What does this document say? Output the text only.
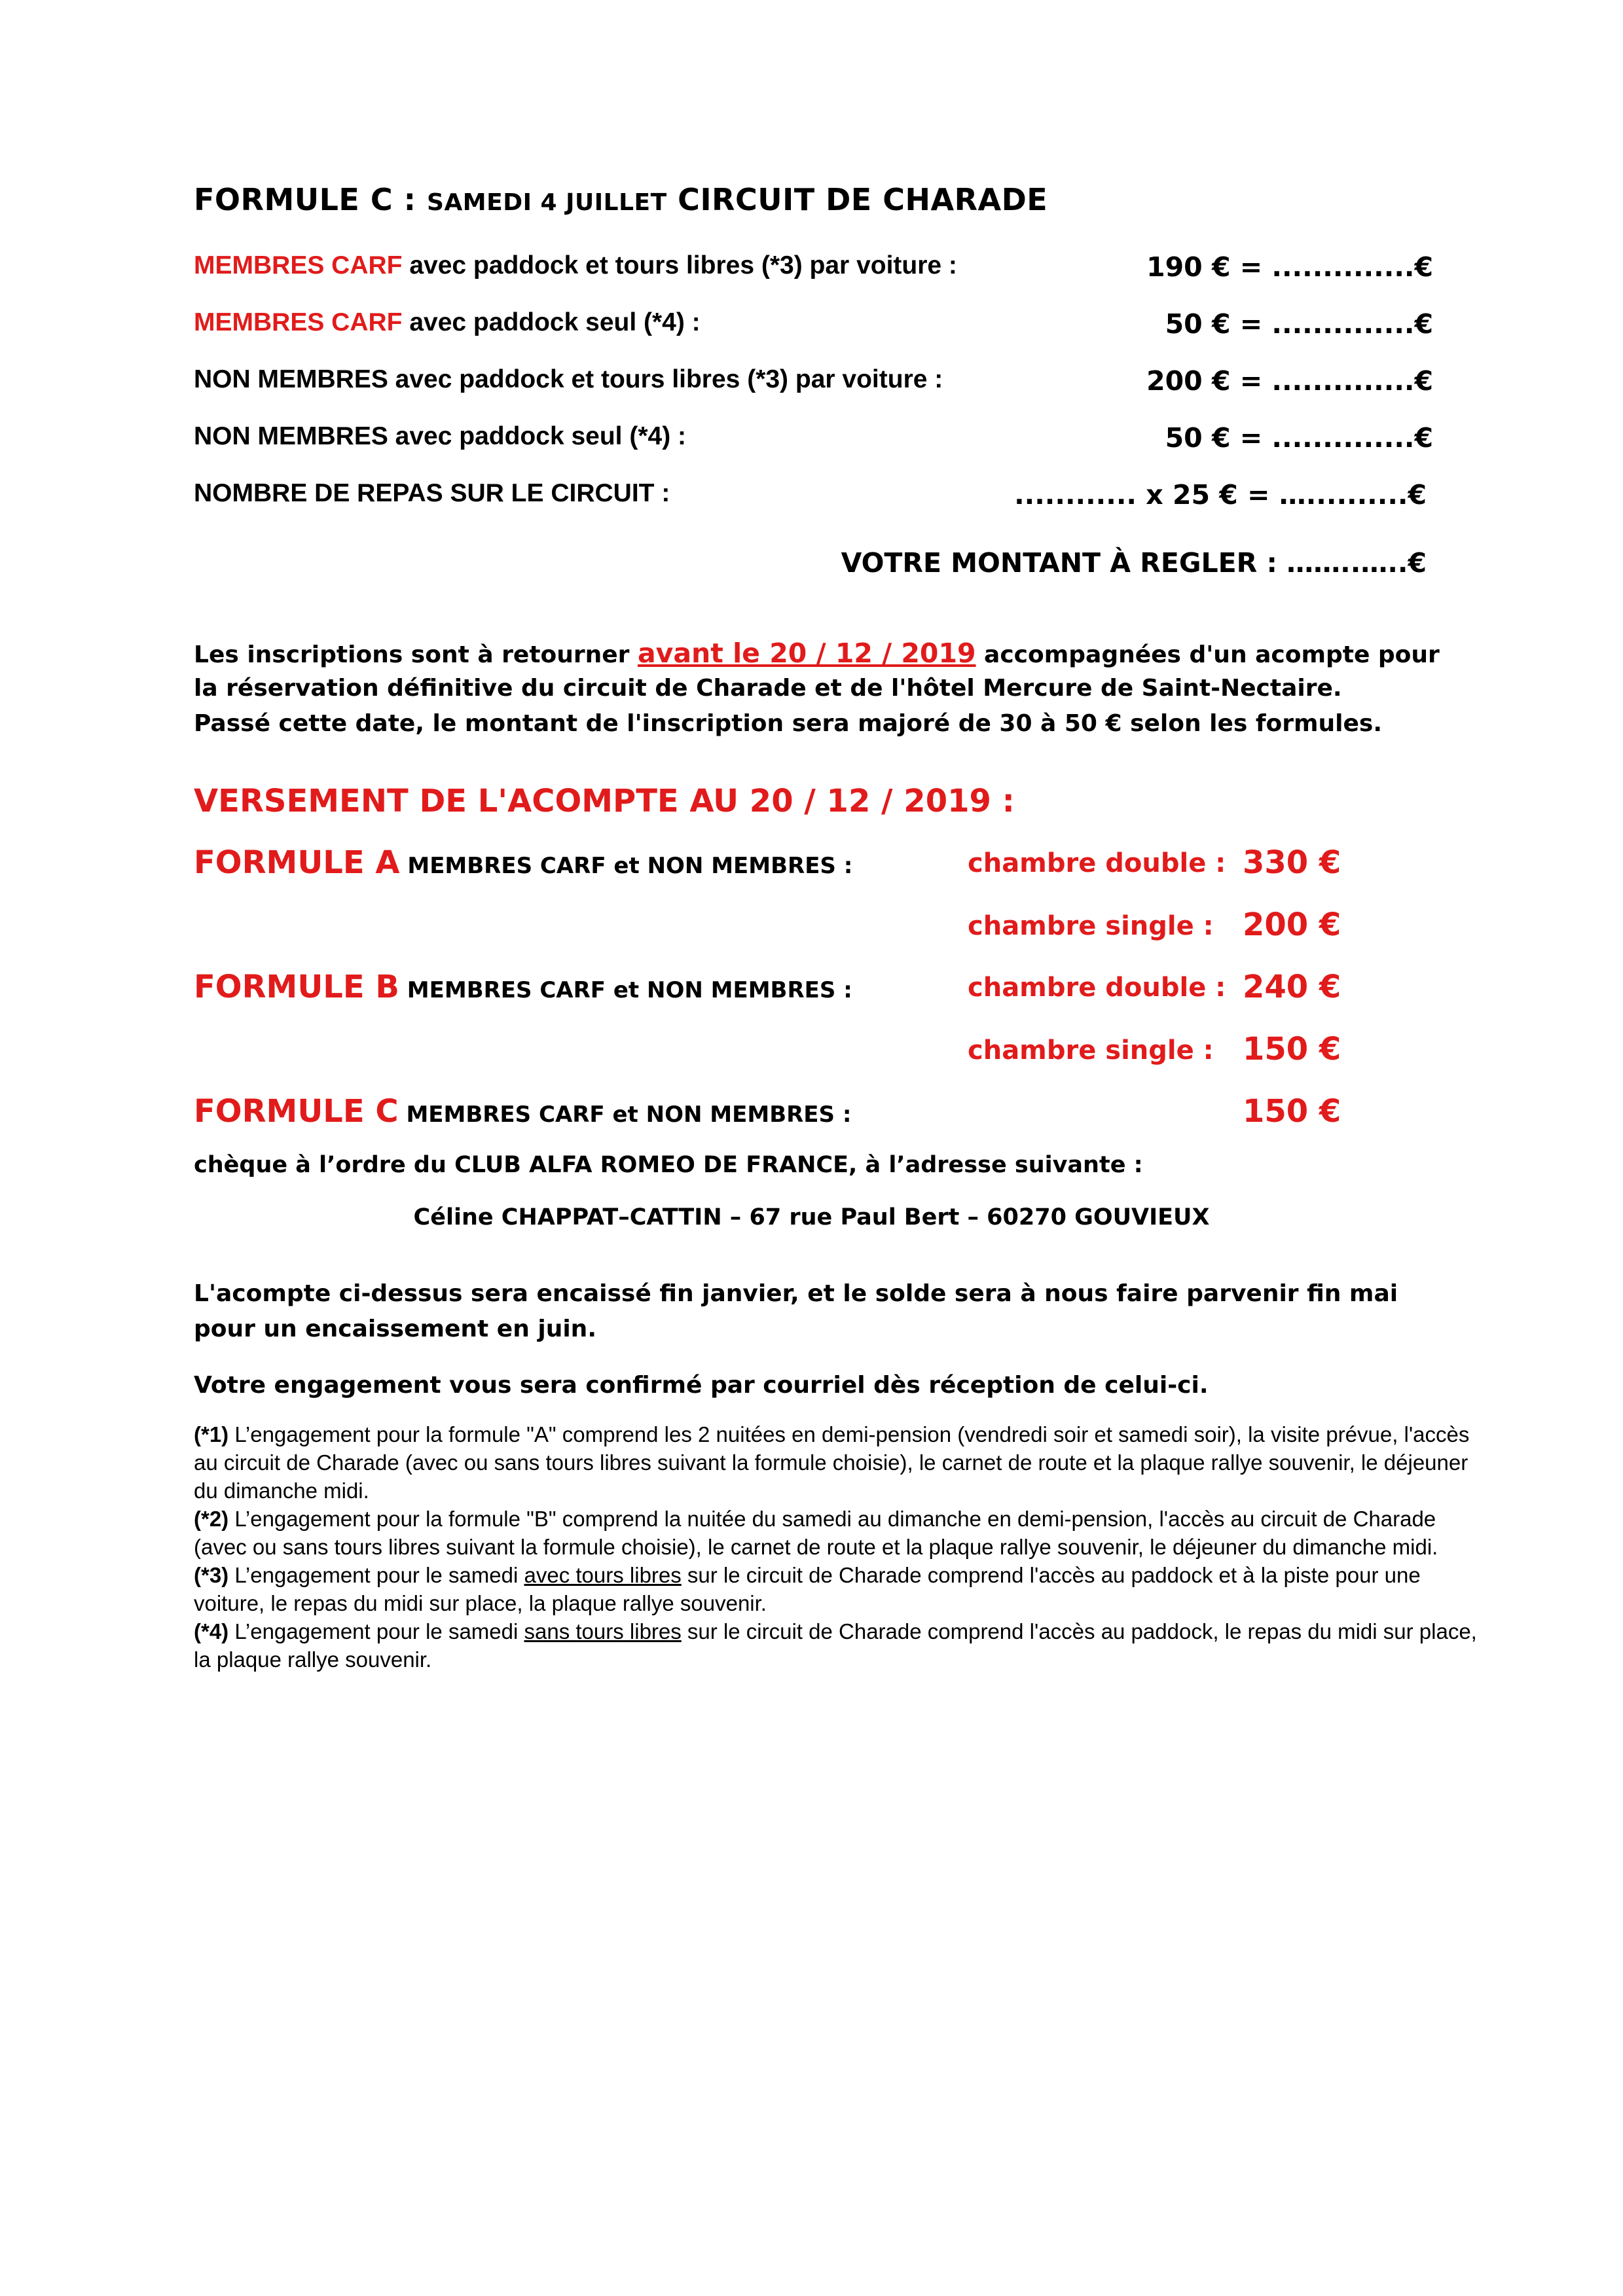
FORMULE C : SAMEDI 4 JUILLET CIRCUIT DE CHARADE
MEMBRES CARF avec paddock et tours libres (*3) par voiture :	190 € = ..............€
MEMBRES CARF avec paddock seul (*4) :	50 € = ..............€
NON MEMBRES avec paddock et tours libres (*3) par voiture :	200 € = ..............€
NON MEMBRES avec paddock seul (*4) :	50 € = ..............€
NOMBRE DE REPAS SUR LE CIRCUIT :	............ x 25 € = …..........€
VOTRE MONTANT À REGLER : ……..…..€
Les inscriptions sont à retourner avant le 20 / 12 / 2019 accompagnées d'un acompte pour
la réservation définitive du circuit de Charade et de l'hôtel Mercure de Saint-Nectaire.
Passé cette date, le montant de l'inscription sera majoré de 30 à 50 € selon les formules.
VERSEMENT DE L'ACOMPTE AU 20 / 12 / 2019 :
FORMULE A MEMBRES CARF et NON MEMBRES :	chambre double : 330 €
chambre single : 200 €
FORMULE B MEMBRES CARF et NON MEMBRES :	chambre double : 240 €
chambre single : 150 €
FORMULE C MEMBRES CARF et NON MEMBRES :	150 €
chèque à l’ordre du CLUB ALFA ROMEO DE FRANCE, à l’adresse suivante :
Céline CHAPPAT–CATTIN – 67 rue Paul Bert – 60270 GOUVIEUX
L'acompte ci-dessus sera encaissé fin janvier, et le solde sera à nous faire parvenir fin mai
pour un encaissement en juin.
Votre engagement vous sera confirmé par courriel dès réception de celui-ci.

(*1) L’engagement pour la formule "A" comprend les 2 nuitées en demi-pension (vendredi soir et samedi soir), la visite prévue, l'accès au circuit de Charade (avec ou sans tours libres suivant la formule choisie), le carnet de route et la plaque rallye souvenir, le déjeuner du dimanche midi.

(*2) L’engagement pour la formule "B" comprend la nuitée du samedi au dimanche en demi-pension, l'accès au circuit de Charade (avec ou sans tours libres suivant la formule choisie), le carnet de route et la plaque rallye souvenir, le déjeuner du dimanche midi.

(*3) L’engagement pour le samedi avec tours libres sur le circuit de Charade comprend l'accès au paddock et à la piste pour une voiture, le repas du midi sur place, la plaque rallye souvenir.

(*4) L’engagement pour le samedi sans tours libres sur le circuit de Charade comprend l'accès au paddock, le repas du midi sur place, la plaque rallye souvenir.
